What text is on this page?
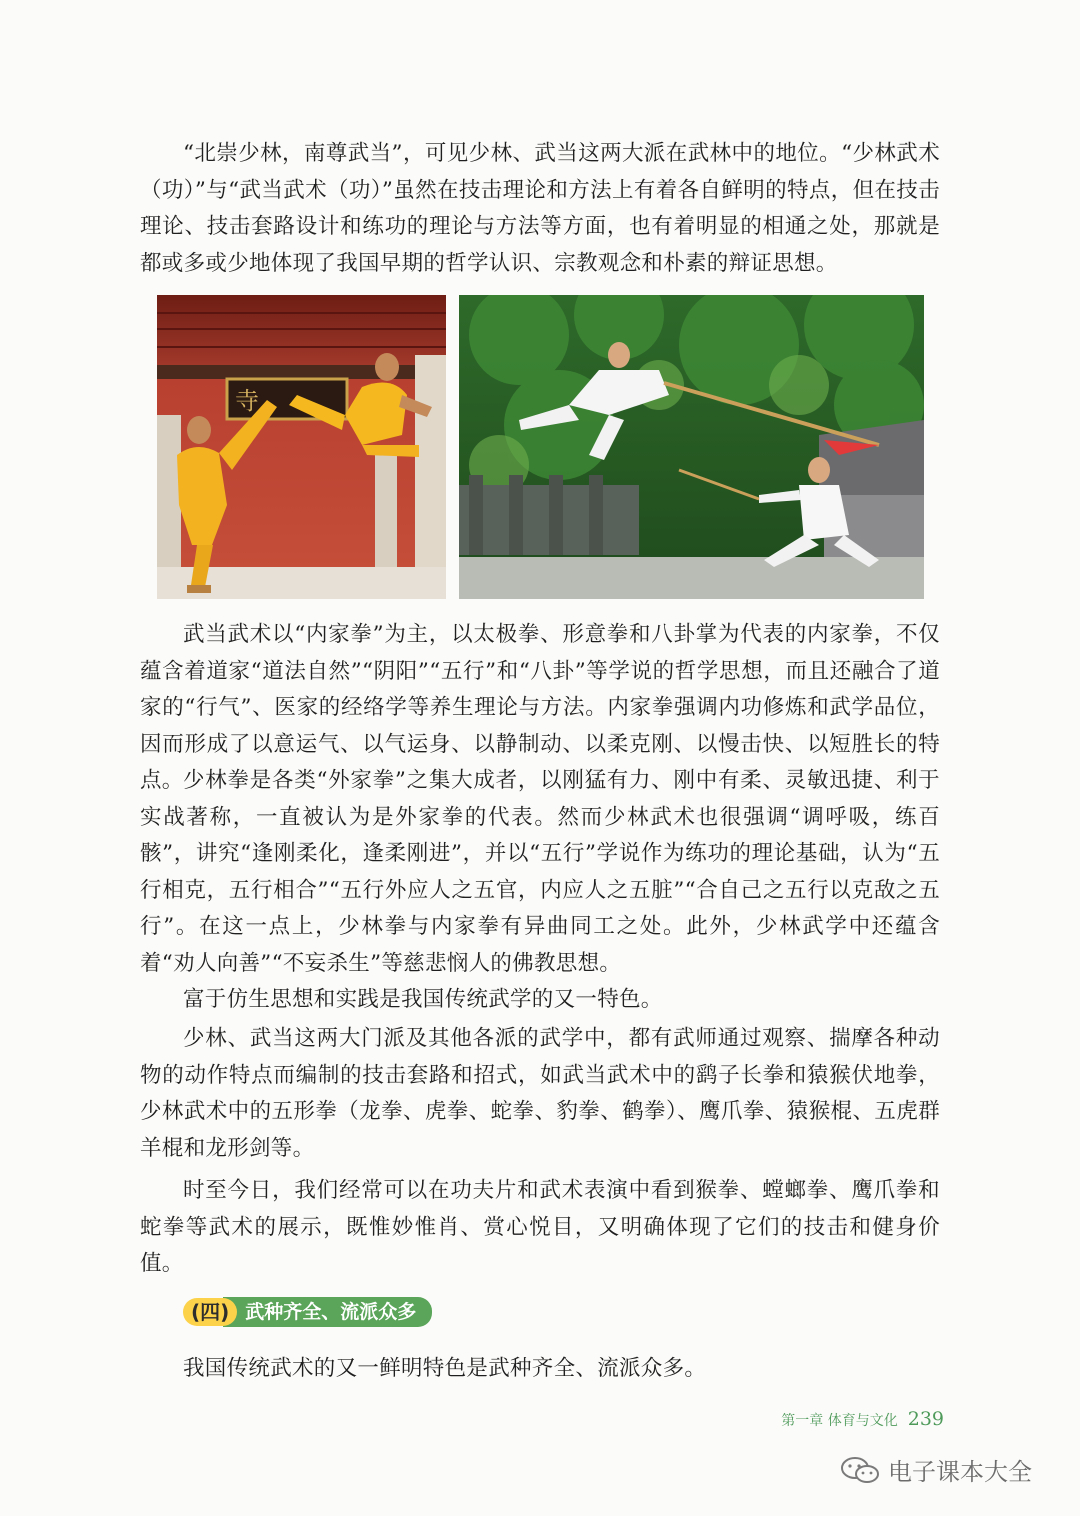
“北崇少林，南尊武当”，可见少林、武当这两大派在武林中的地位。“少林武术（功）”与“武当武术（功）”虽然在技击理论和方法上有着各自鲜明的特点，但在技击理论、技击套路设计和练功的理论与方法等方面，也有着明显的相通之处，那就是都或多或少地体现了我国早期的哲学认识、宗教观念和朴素的辩证思想。

寺

武当武术以“内家拳”为主，以太极拳、形意拳和八卦掌为代表的内家拳，不仅蕴含着道家“道法自然”“阴阳”“五行”和“八卦”等学说的哲学思想，而且还融合了道家的“行气”、医家的经络学等养生理论与方法。内家拳强调内功修炼和武学品位，因而形成了以意运气、以气运身、以静制动、以柔克刚、以慢击快、以短胜长的特点。 少林拳是各类“外家拳”之集大成者，以刚猛有力、刚中有柔、灵敏迅捷、利于实战著称，一直被认为是外家拳的代表。然而少林武术也很强调“调呼吸，练百骸”，讲究“逢刚柔化，逢柔刚进”，并以“五行”学说作为练功的理论基础，认为“五行相克，五行相合”“五行外应人之五官，内应人之五脏”“合自己之五行以克敌之五行”。在这一点上，少林拳与内家拳有异曲同工之处。此外，少林武学中还蕴含着“劝人向善”“不妄杀生”等慈悲悯人的佛教思想。

富于仿生思想和实践是我国传统武学的又一特色。

少林、武当这两大门派及其他各派的武学中，都有武师通过观察、揣摩各种动物的动作特点而编制的技击套路和招式，如武当武术中的鹞子长拳和猿猴伏地拳，少林武术中的五形拳（龙拳、虎拳、蛇拳、豹拳、鹤拳）、鹰爪拳、猿猴棍、五虎群羊棍和龙形剑等。

时至今日，我们经常可以在功夫片和武术表演中看到猴拳、螳螂拳、鹰爪拳和蛇拳等武术的展示，既惟妙惟肖、赏心悦目，又明确体现了它们的技击和健身价值。

(四) 武种齐全、流派众多

我国传统武术的又一鲜明特色是武种齐全、流派众多。

第一章 体育与文化 239
电子课本大全
